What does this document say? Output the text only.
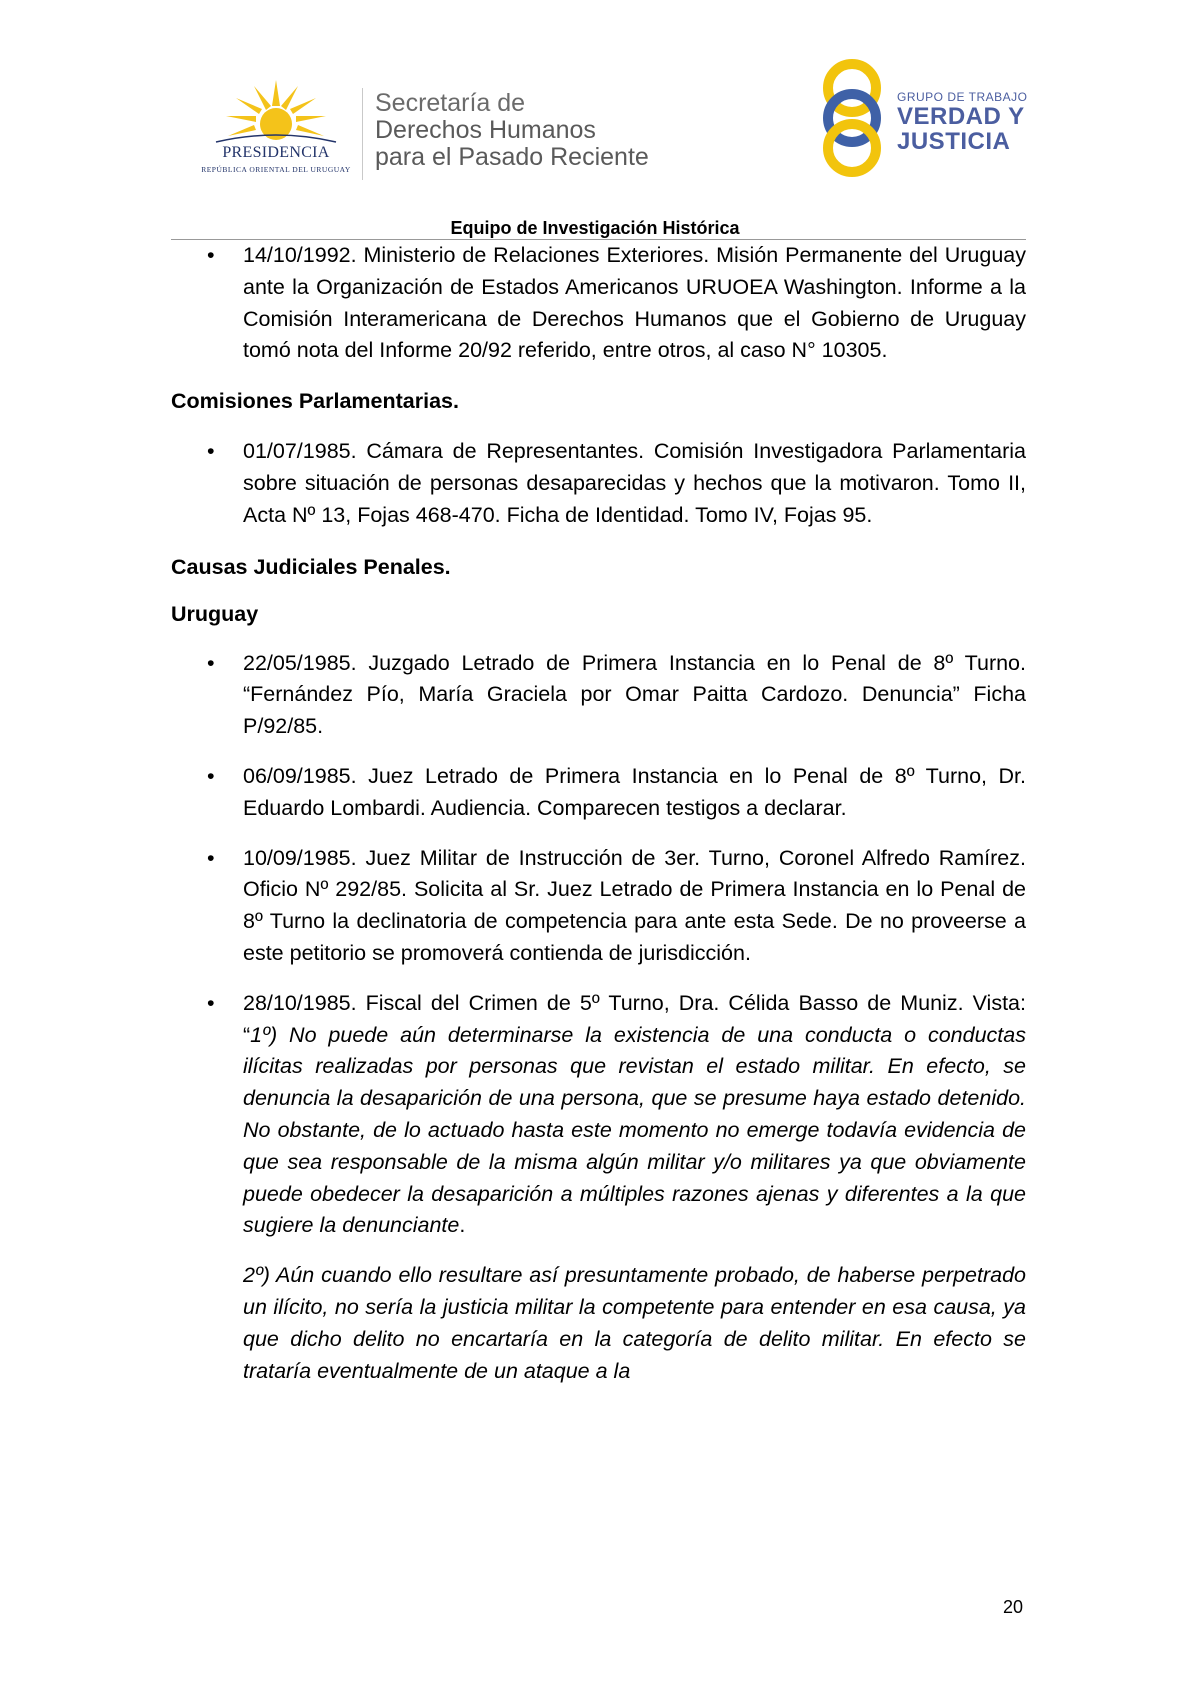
PRESIDENCIA
REPÚBLICA ORIENTAL DEL URUGUAY
Secretaría de
Derechos Humanos
para el Pasado Reciente
GRUPO DE TRABAJO
VERDAD Y
JUSTICIA
Equipo de Investigación Histórica

• 14/10/1992. Ministerio de Relaciones Exteriores. Misión Permanente del Uruguay ante la Organización de Estados Americanos URUOEA Washington. Informe a la Comisión Interamericana de Derechos Humanos que el Gobierno de Uruguay tomó nota del Informe 20/92 referido, entre otros, al caso N° 10305.

Comisiones Parlamentarias.

• 01/07/1985. Cámara de Representantes. Comisión Investigadora Parlamentaria sobre situación de personas desaparecidas y hechos que la motivaron. Tomo II, Acta Nº 13, Fojas 468-470. Ficha de Identidad. Tomo IV, Fojas 95.

Causas Judiciales Penales.
Uruguay

• 22/05/1985. Juzgado Letrado de Primera Instancia en lo Penal de 8º Turno. “Fernández Pío, María Graciela por Omar Paitta Cardozo. Denuncia” Ficha P/92/85.

• 06/09/1985. Juez Letrado de Primera Instancia en lo Penal de 8º Turno, Dr. Eduardo Lombardi. Audiencia. Comparecen testigos a declarar.

• 10/09/1985. Juez Militar de Instrucción de 3er. Turno, Coronel Alfredo Ramírez. Oficio Nº 292/85. Solicita al Sr. Juez Letrado de Primera Instancia en lo Penal de 8º Turno la declinatoria de competencia para ante esta Sede. De no proveerse a este petitorio se promoverá contienda de jurisdicción.

• 28/10/1985. Fiscal del Crimen de 5º Turno, Dra. Célida Basso de Muniz. Vista: “1º) No puede aún determinarse la existencia de una conducta o conductas ilícitas realizadas por personas que revistan el estado militar. En efecto, se denuncia la desaparición de una persona, que se presume haya estado detenido. No obstante, de lo actuado hasta este momento no emerge todavía evidencia de que sea responsable de la misma algún militar y/o militares ya que obviamente puede obedecer la desaparición a múltiples razones ajenas y diferentes a la que sugiere la denunciante.

2º) Aún cuando ello resultare así presuntamente probado, de haberse perpetrado un ilícito, no sería la justicia militar la competente para entender en esa causa, ya que dicho delito no encartaría en la categoría de delito militar. En efecto se trataría eventualmente de un ataque a la
20
